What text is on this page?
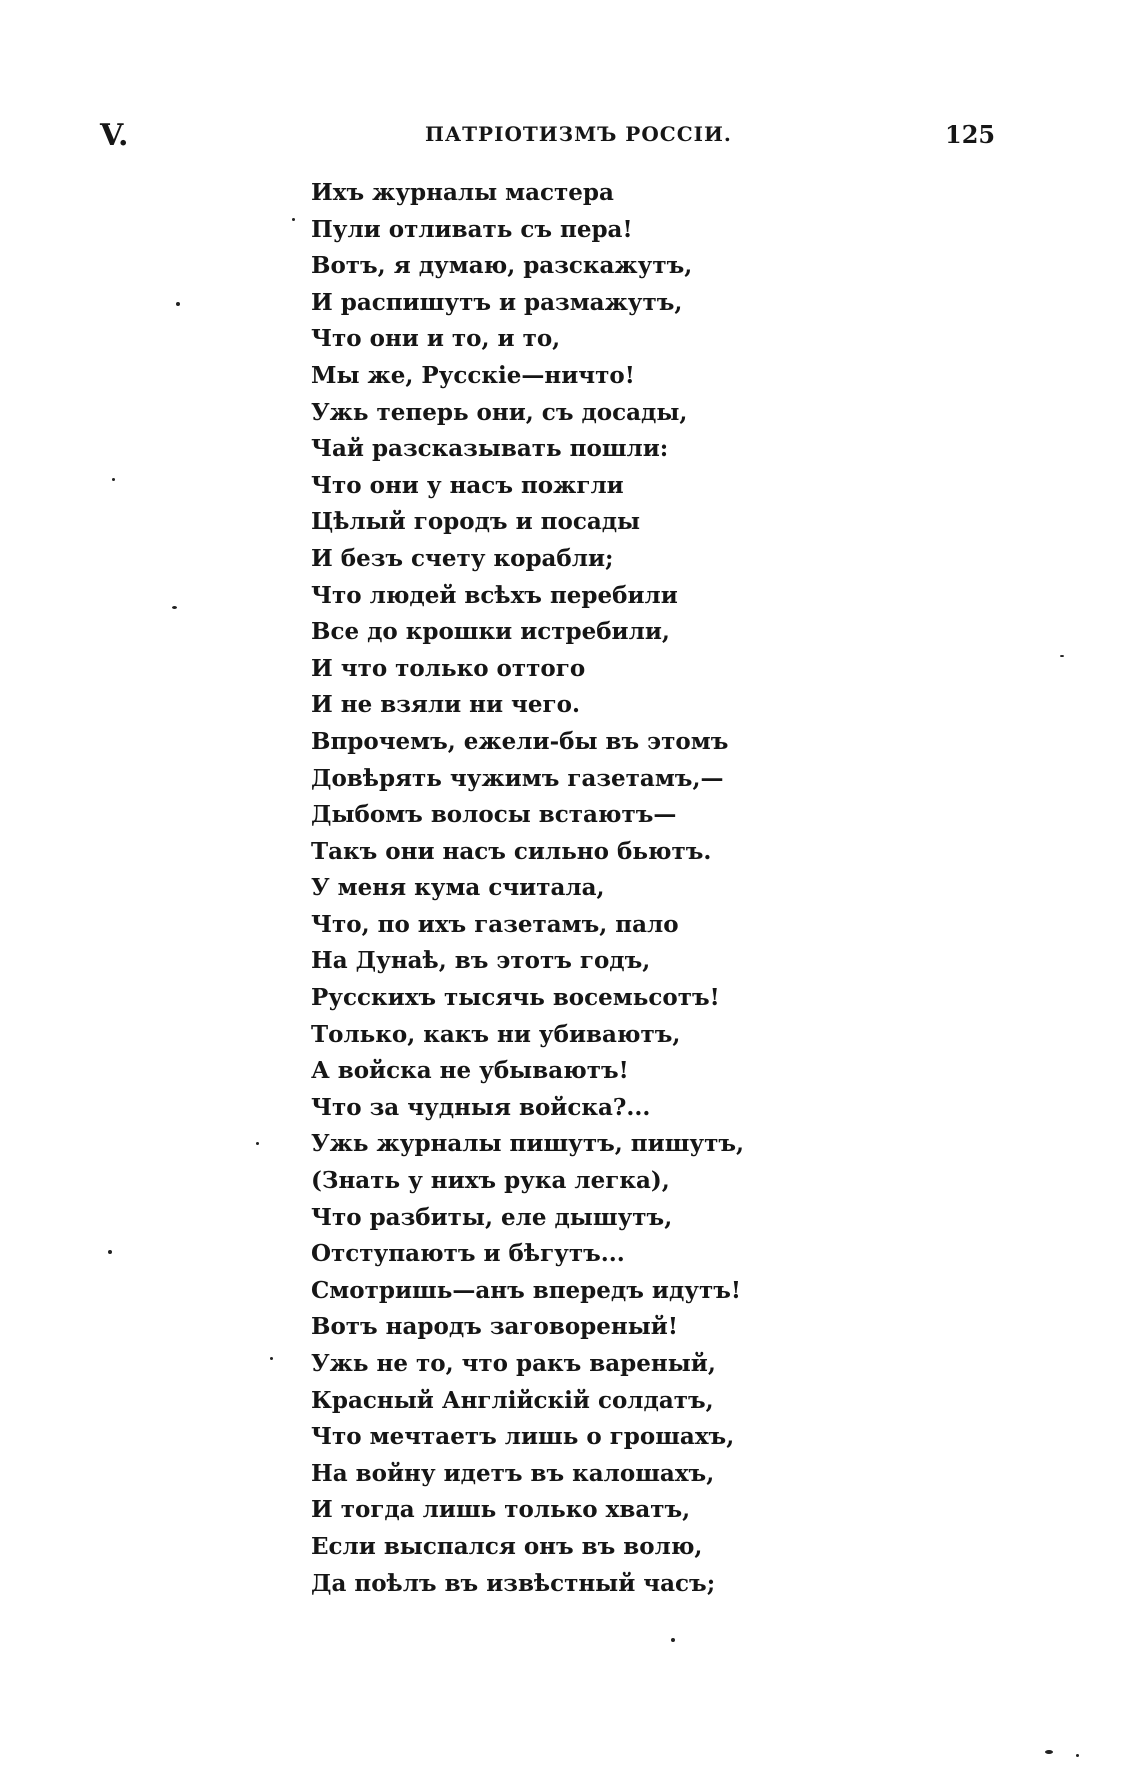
V.	ПАТРІОТИЗМЪ РОССІИ.	125
Ихъ журналы мастера
Пули отливать съ пера!
Вотъ, я думаю, разскажутъ,
И распишутъ и размажутъ,
Что они и то, и то,
Мы же, Русскіе—ничто!
Ужь теперь они, съ досады,
Чай разсказывать пошли:
Что они у насъ пожгли
Цѣлый городъ и посады
И безъ счету корабли;
Что людей всѣхъ перебили
Все до крошки истребили,
И что только оттого
И не взяли ни чего.
Впрочемъ, ежели-бы въ этомъ
Довѣрять чужимъ газетамъ,—
Дыбомъ волосы встаютъ—
Такъ они насъ сильно бьютъ.
У меня кума считала,
Что, по ихъ газетамъ, пало
На Дунаѣ, въ этотъ годъ,
Русскихъ тысячь восемьсотъ!
Только, какъ ни убиваютъ,
А войска не убываютъ!
Что за чудныя войска?...
Ужь журналы пишутъ, пишутъ,
(Знать у нихъ рука легка),
Что разбиты, еле дышутъ,
Отступаютъ и бѣгутъ...
Смотришь—анъ впередъ идутъ!
Вотъ народъ заговореный!
Ужь не то, что ракъ вареный,
Красный Англійскій солдатъ,
Что мечтаетъ лишь о грошахъ,
На войну идетъ въ калошахъ,
И тогда лишь только хватъ,
Если выспался онъ въ волю,
Да поѣлъ въ извѣстный часъ;
